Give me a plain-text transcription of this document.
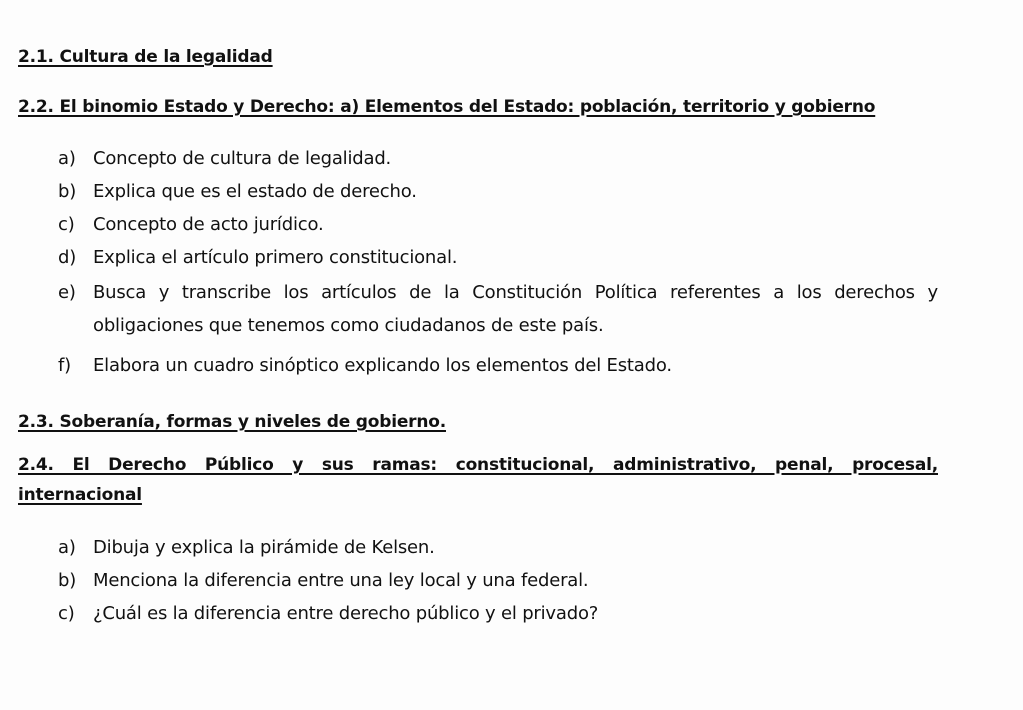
2.1. Cultura de la legalidad
2.2. El binomio Estado y Derecho: a) Elementos del Estado: población, territorio y gobierno
a) Concepto de cultura de legalidad.
b) Explica que es el estado de derecho.
c) Concepto de acto jurídico.
d) Explica el artículo primero constitucional.
e) Busca y transcribe los artículos de la Constitución Política referentes a los derechos y obligaciones que tenemos como ciudadanos de este país.
f) Elabora un cuadro sinóptico explicando los elementos del Estado.
2.3. Soberanía, formas y niveles de gobierno.
2.4. El Derecho Público y sus ramas: constitucional, administrativo, penal, procesal, internacional
a) Dibuja y explica la pirámide de Kelsen.
b) Menciona la diferencia entre una ley local y una federal.
c) ¿Cuál es la diferencia entre derecho público y el privado?
